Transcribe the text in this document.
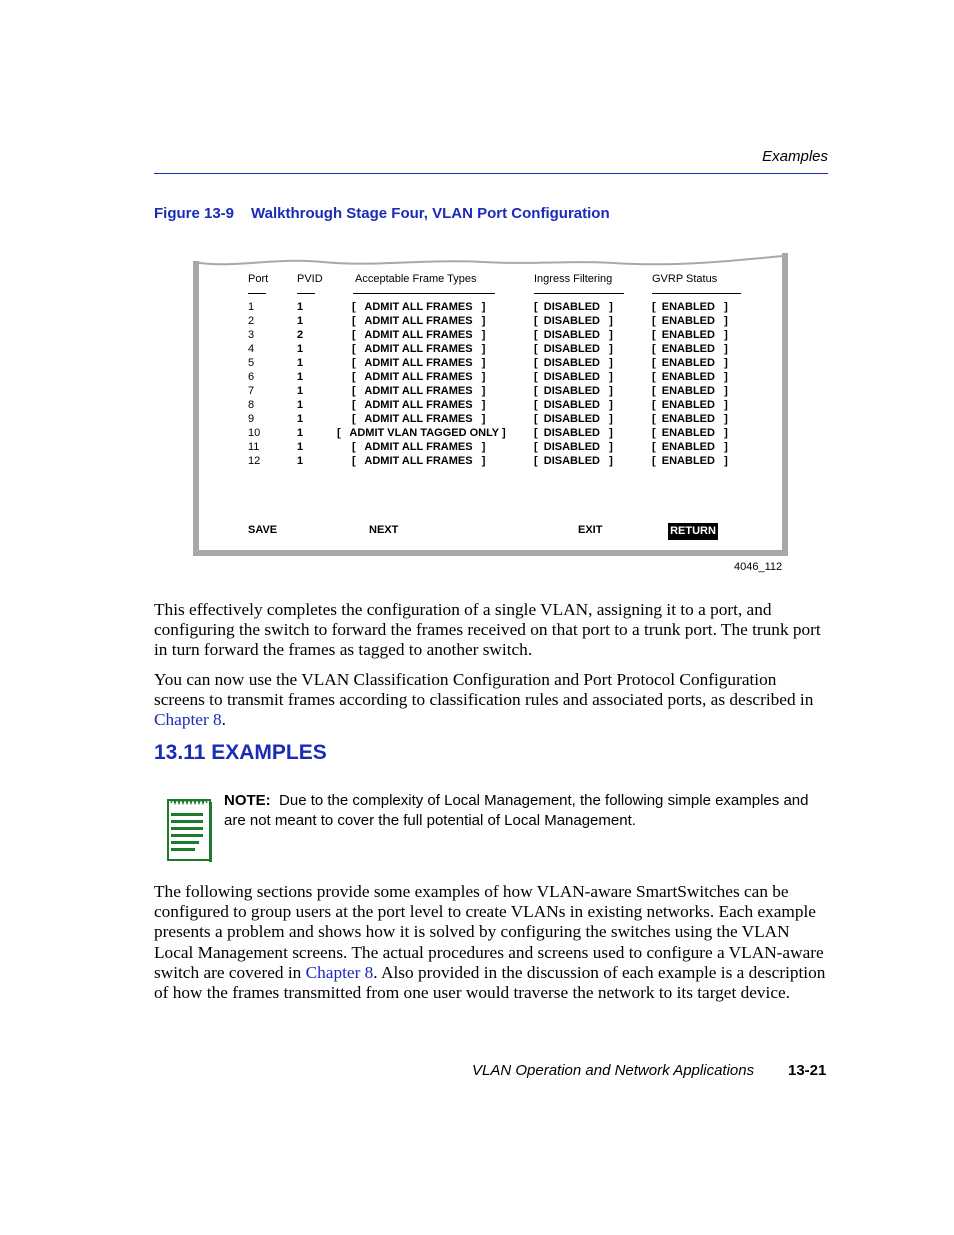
Examples
Figure 13-9 Walkthrough Stage Four, VLAN Port Configuration
Port	PVID	Acceptable Frame Types	Ingress Filtering	GVRP Status
1	1	[   ADMIT ALL FRAMES   ]	[  DISABLED   ]	[  ENABLED   ]
2	1	[   ADMIT ALL FRAMES   ]	[  DISABLED   ]	[  ENABLED   ]
3	2	[   ADMIT ALL FRAMES   ]	[  DISABLED   ]	[  ENABLED   ]
4	1	[   ADMIT ALL FRAMES   ]	[  DISABLED   ]	[  ENABLED   ]
5	1	[   ADMIT ALL FRAMES   ]	[  DISABLED   ]	[  ENABLED   ]
6	1	[   ADMIT ALL FRAMES   ]	[  DISABLED   ]	[  ENABLED   ]
7	1	[   ADMIT ALL FRAMES   ]	[  DISABLED   ]	[  ENABLED   ]
8	1	[   ADMIT ALL FRAMES   ]	[  DISABLED   ]	[  ENABLED   ]
9	1	[   ADMIT ALL FRAMES   ]	[  DISABLED   ]	[  ENABLED   ]
10	1	[   ADMIT VLAN TAGGED ONLY ]	[  DISABLED   ]	[  ENABLED   ]
11	1	[   ADMIT ALL FRAMES   ]	[  DISABLED   ]	[  ENABLED   ]
12	1	[   ADMIT ALL FRAMES   ]	[  DISABLED   ]	[  ENABLED   ]
SAVE	NEXT	EXIT	RETURN
4046_112
This effectively completes the configuration of a single VLAN, assigning it to a port, and configuring the switch to forward the frames received on that port to a trunk port. The trunk port in turn forward the frames as tagged to another switch.
You can now use the VLAN Classification Configuration and Port Protocol Configuration screens to transmit frames according to classification rules and associated ports, as described in Chapter 8.
13.11 EXAMPLES
NOTE: Due to the complexity of Local Management, the following simple examples and are not meant to cover the full potential of Local Management.
The following sections provide some examples of how VLAN-aware SmartSwitches can be configured to group users at the port level to create VLANs in existing networks. Each example presents a problem and shows how it is solved by configuring the switches using the VLAN Local Management screens. The actual procedures and screens used to configure a VLAN-aware switch are covered in Chapter 8. Also provided in the discussion of each example is a description of how the frames transmitted from one user would traverse the network to its target device.
VLAN Operation and Network Applications 13-21
